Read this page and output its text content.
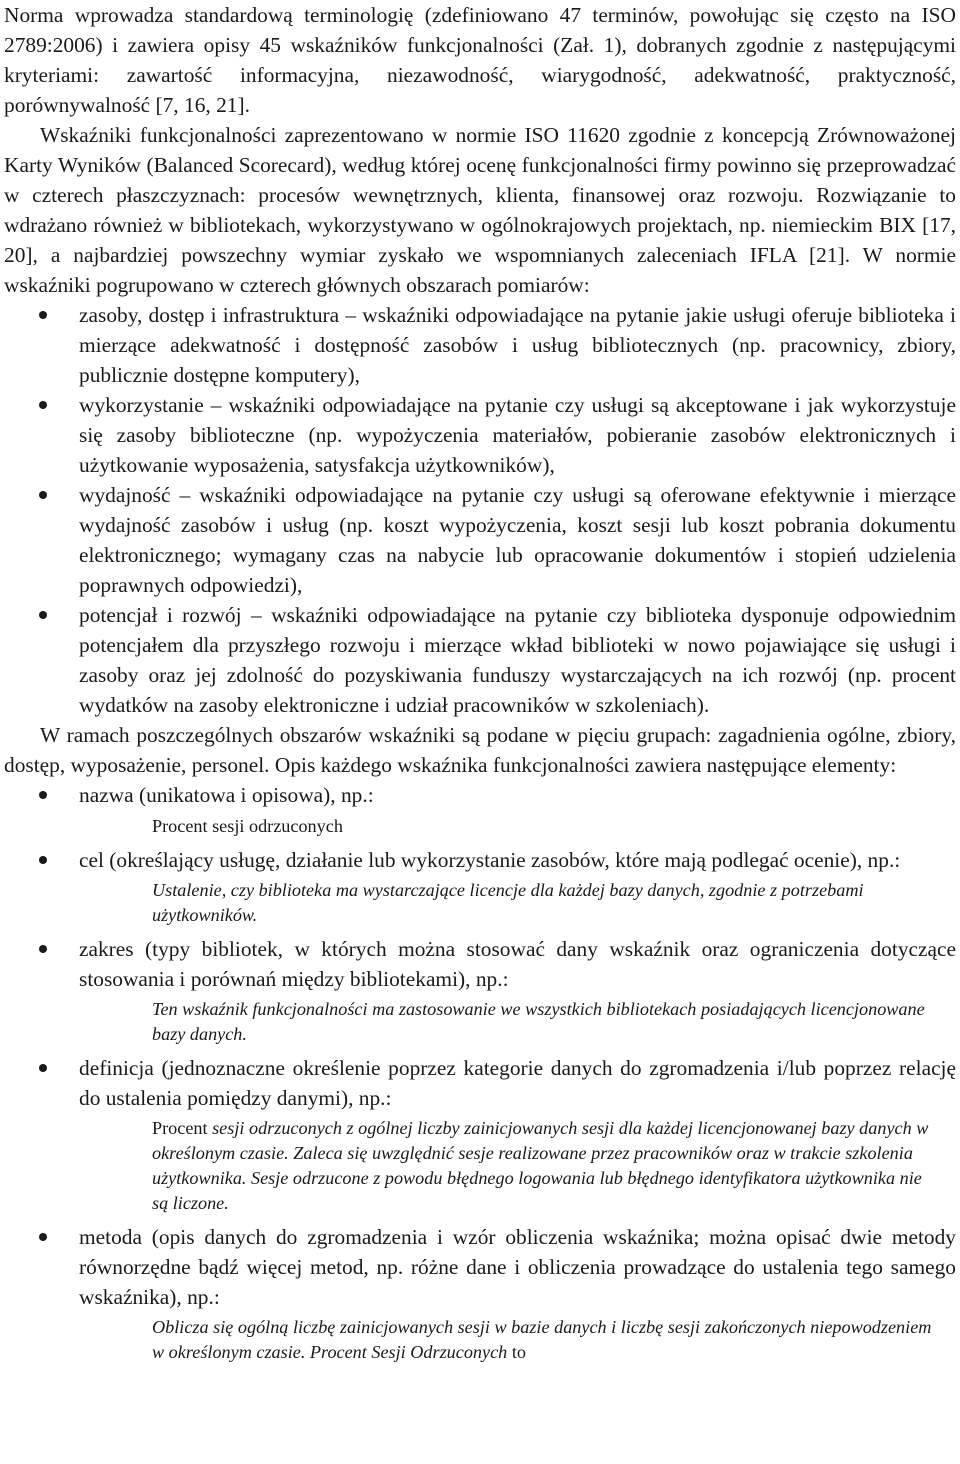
Norma wprowadza standardową terminologię (zdefiniowano 47 terminów, powołując się często na ISO 2789:2006) i zawiera opisy 45 wskaźników funkcjonalności (Zał. 1), dobranych zgodnie z następującymi kryteriami: zawartość informacyjna, niezawodność, wiarygodność, adekwatność, praktyczność, porównywalność [7, 16, 21].

Wskaźniki funkcjonalności zaprezentowano w normie ISO 11620 zgodnie z koncepcją Zrównoważonej Karty Wyników (Balanced Scorecard), według której ocenę funkcjonalności firmy powinno się przeprowadzać w czterech płaszczyznach: procesów wewnętrznych, klienta, finansowej oraz rozwoju. Rozwiązanie to wdrażano również w bibliotekach, wykorzystywano w ogólnokrajowych projektach, np. niemieckim BIX [17, 20], a najbardziej powszechny wymiar zyskało we wspomnianych zaleceniach IFLA [21]. W normie wskaźniki pogrupowano w czterech głównych obszarach pomiarów:

zasoby, dostęp i infrastruktura – wskaźniki odpowiadające na pytanie jakie usługi oferuje biblioteka i mierzące adekwatność i dostępność zasobów i usług bibliotecznych (np. pracownicy, zbiory, publicznie dostępne komputery),
wykorzystanie – wskaźniki odpowiadające na pytanie czy usługi są akceptowane i jak wykorzystuje się zasoby biblioteczne (np. wypożyczenia materiałów, pobieranie zasobów elektronicznych i użytkowanie wyposażenia, satysfakcja użytkowników),
wydajność – wskaźniki odpowiadające na pytanie czy usługi są oferowane efektywnie i mierzące wydajność zasobów i usług (np. koszt wypożyczenia, koszt sesji lub koszt pobrania dokumentu elektronicznego; wymagany czas na nabycie lub opracowanie dokumentów i stopień udzielenia poprawnych odpowiedzi),
potencjał i rozwój – wskaźniki odpowiadające na pytanie czy biblioteka dysponuje odpowiednim potencjałem dla przyszłego rozwoju i mierzące wkład biblioteki w nowo pojawiające się usługi i zasoby oraz jej zdolność do pozyskiwania funduszy wystarczających na ich rozwój (np. procent wydatków na zasoby elektroniczne i udział pracowników w szkoleniach).

W ramach poszczególnych obszarów wskaźniki są podane w pięciu grupach: zagadnienia ogólne, zbiory, dostęp, wyposażenie, personel. Opis każdego wskaźnika funkcjonalności zawiera następujące elementy:

nazwa (unikatowa i opisowa), np.:
Procent sesji odrzuconych
cel (określający usługę, działanie lub wykorzystanie zasobów, które mają podlegać ocenie), np.:
Ustalenie, czy biblioteka ma wystarczające licencje dla każdej bazy danych, zgodnie z potrzebami użytkowników.
zakres (typy bibliotek, w których można stosować dany wskaźnik oraz ograniczenia dotyczące stosowania i porównań między bibliotekami), np.:
Ten wskaźnik funkcjonalności ma zastosowanie we wszystkich bibliotekach posiadających licencjonowane bazy danych.
definicja (jednoznaczne określenie poprzez kategorie danych do zgromadzenia i/lub poprzez relację do ustalenia pomiędzy danymi), np.:
Procent sesji odrzuconych z ogólnej liczby zainicjowanych sesji dla każdej licencjonowanej bazy danych w określonym czasie. Zaleca się uwzględnić sesje realizowane przez pracowników oraz w trakcie szkolenia użytkownika. Sesje odrzucone z powodu błędnego logowania lub błędnego identyfikatora użytkownika nie są liczone.
metoda (opis danych do zgromadzenia i wzór obliczenia wskaźnika; można opisać dwie metody równorzędne bądź więcej metod, np. różne dane i obliczenia prowadzące do ustalenia tego samego wskaźnika), np.:
Oblicza się ogólną liczbę zainicjowanych sesji w bazie danych i liczbę sesji zakończonych niepowodzeniem w określonym czasie. Procent Sesji Odrzuconych to
